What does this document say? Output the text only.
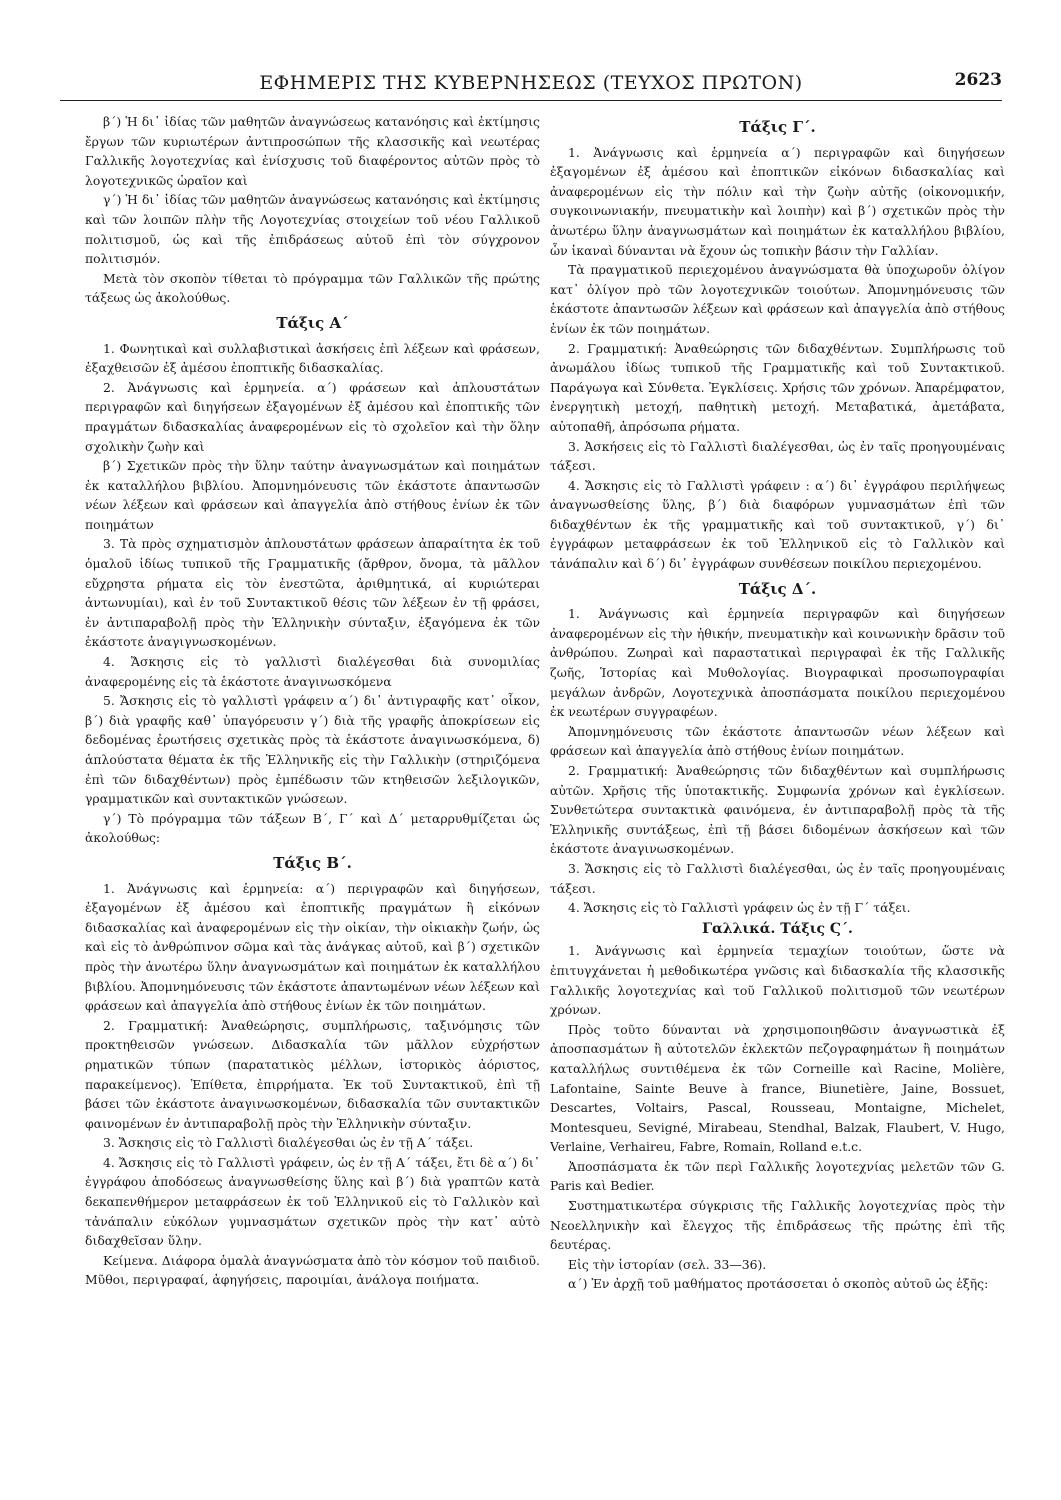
ΕΦΗΜΕΡΙΣ ΤΗΣ ΚΥΒΕΡΝΗΣΕΩΣ (ΤΕΥΧΟΣ ΠΡΩΤΟΝ)	2623

β΄) Ἡ δι᾿ ἰδίας τῶν μαθητῶν ἀναγνώσεως κατανόησις καὶ ἐκτίμησις ἔργων τῶν κυριωτέρων ἀντιπροσώπων τῆς κλασσικῆς καὶ νεωτέρας Γαλλικῆς λογοτεχνίας καὶ ἐνίσχυσις τοῦ διαφέροντος αὐτῶν πρὸς τὸ λογοτεχνικῶς ὡραῖον καὶ

γ΄) Ἡ δι᾿ ἰδίας τῶν μαθητῶν ἀναγνώσεως κατανόησις καὶ ἐκτίμησις καὶ τῶν λοιπῶν πλὴν τῆς Λογοτεχνίας στοιχείων τοῦ νέου Γαλλικοῦ πολιτισμοῦ, ὡς καὶ τῆς ἐπιδράσεως αὐτοῦ ἐπὶ τὸν σύγχρονον πολιτισμόν.

Μετὰ τὸν σκοπὸν τίθεται τὸ πρόγραμμα τῶν Γαλλικῶν τῆς πρώτης τάξεως ὡς ἀκολούθως.

Τάξις Α΄

1. Φωνητικαὶ καὶ συλλαβιστικαὶ ἀσκήσεις ἐπὶ λέξεων καὶ φράσεων, ἐξαχθεισῶν ἐξ ἀμέσου ἐποπτικῆς διδασκαλίας.

2. Ἀνάγνωσις καὶ ἑρμηνεία. α΄) φράσεων καὶ ἁπλουστάτων περιγραφῶν καὶ διηγήσεων ἐξαγομένων ἐξ ἀμέσου καὶ ἐποπτικῆς τῶν πραγμάτων διδασκαλίας ἀναφερομένων εἰς τὸ σχολεῖον καὶ τὴν ὅλην σχολικὴν ζωὴν καὶ

β΄) Σχετικῶν πρὸς τὴν ὕλην ταύτην ἀναγνωσμάτων καὶ ποιημάτων ἐκ καταλλήλου βιβλίου. Ἀπομνημόνευσις τῶν ἑκάστοτε ἀπαντωσῶν νέων λέξεων καὶ φράσεων καὶ ἀπαγγελία ἀπὸ στήθους ἐνίων ἐκ τῶν ποιημάτων

3. Τὰ πρὸς σχηματισμὸν ἁπλουστάτων φράσεων ἀπαραίτητα ἐκ τοῦ ὁμαλοῦ ἰδίως τυπικοῦ τῆς Γραμματικῆς (ἄρθρον, ὄνομα, τὰ μᾶλλον εὔχρηστα ρήματα εἰς τὸν ἐνεστῶτα, ἀριθμητικά, αἱ κυριώτεραι ἀντωνυμίαι), καὶ ἐν τοῦ Συντακτικοῦ θέσις τῶν λέξεων ἐν τῇ φράσει, ἐν ἀντιπαραβολῇ πρὸς τὴν Ἑλληνικὴν σύνταξιν, ἐξαγόμενα ἐκ τῶν ἑκάστοτε ἀναγιγνωσκομένων.

4. Ἄσκησις εἰς τὸ γαλλιστὶ διαλέγεσθαι διὰ συνομιλίας ἀναφερομένης εἰς τὰ ἑκάστοτε ἀναγινωσκόμενα

5. Ἄσκησις εἰς τὸ γαλλιστὶ γράφειν α΄) δι᾿ ἀντιγραφῆς κατ᾿ οἶκον, β΄) διὰ γραφῆς καθ᾿ ὑπαγόρευσιν γ΄) διὰ τῆς γραφῆς ἀποκρίσεων εἰς δεδομένας ἐρωτήσεις σχετικὰς πρὸς τὰ ἑκάστοτε ἀναγινωσκόμενα, δ) ἁπλούστατα θέματα ἐκ τῆς Ἑλληνικῆς εἰς τὴν Γαλλικὴν (στηριζόμενα ἐπὶ τῶν διδαχθέντων) πρὸς ἐμπέδωσιν τῶν κτηθεισῶν λεξιλογικῶν, γραμματικῶν καὶ συντακτικῶν γνώσεων.

γ΄) Τὸ πρόγραμμα τῶν τάξεων Β΄, Γ΄ καὶ Δ΄ μεταρρυθμίζεται ὡς ἀκολούθως:

Τάξις Β΄.

1. Ἀνάγνωσις καὶ ἑρμηνεία: α΄) περιγραφῶν καὶ διηγήσεων, ἐξαγομένων ἐξ ἀμέσου καὶ ἐποπτικῆς πραγμάτων ἢ εἰκόνων διδασκαλίας καὶ ἀναφερομένων εἰς τὴν οἰκίαν, τὴν οἰκιακὴν ζωήν, ὡς καὶ εἰς τὸ ἀνθρώπινον σῶμα καὶ τὰς ἀνάγκας αὐτοῦ, καὶ β΄) σχετικῶν πρὸς τὴν ἀνωτέρω ὕλην ἀναγνωσμάτων καὶ ποιημάτων ἐκ καταλλήλου βιβλίου. Ἀπομνημόνευσις τῶν ἑκάστοτε ἀπαντωμένων νέων λέξεων καὶ φράσεων καὶ ἀπαγγελία ἀπὸ στήθους ἐνίων ἐκ τῶν ποιημάτων.

2. Γραμματική: Ἀναθεώρησις, συμπλήρωσις, ταξινόμησις τῶν προκτηθεισῶν γνώσεων. Διδασκαλία τῶν μᾶλλον εὐχρήστων ρηματικῶν τύπων (παρατατικὸς μέλλων, ἱστορικὸς ἀόριστος, παρακείμενος). Ἐπίθετα, ἐπιρρήματα. Ἐκ τοῦ Συντακτικοῦ, ἐπὶ τῇ βάσει τῶν ἑκάστοτε ἀναγινωσκομένων, διδασκαλία τῶν συντακτικῶν φαινομένων ἐν ἀντιπαραβολῇ πρὸς τὴν Ἑλληνικὴν σύνταξιν.

3. Ἄσκησις εἰς τὸ Γαλλιστὶ διαλέγεσθαι ὡς ἐν τῇ Α΄ τάξει.

4. Ἄσκησις εἰς τὸ Γαλλιστὶ γράφειν, ὡς ἐν τῇ Α΄ τάξει, ἔτι δὲ α΄) δι᾿ ἐγγράφου ἀποδόσεως ἀναγνωσθείσης ὕλης καὶ β΄) διὰ γραπτῶν κατὰ δεκαπενθήμερον μεταφράσεων ἐκ τοῦ Ἑλληνικοῦ εἰς τὸ Γαλλικὸν καὶ τἀνάπαλιν εὐκόλων γυμνασμάτων σχετικῶν πρὸς τὴν κατ᾿ αὐτὸ διδαχθεῖσαν ὕλην.

Κείμενα. Διάφορα ὁμαλὰ ἀναγνώσματα ἀπὸ τὸν κόσμον τοῦ παιδιοῦ. Μῦθοι, περιγραφαί, ἀφηγήσεις, παροιμίαι, ἀνάλογα ποιήματα.

Τάξις Γ΄.

1. Ἀνάγνωσις καὶ ἑρμηνεία α΄) περιγραφῶν καὶ διηγήσεων ἐξαγομένων ἐξ ἀμέσου καὶ ἐποπτικῶν εἰκόνων διδασκαλίας καὶ ἀναφερομένων εἰς τὴν πόλιν καὶ τὴν ζωὴν αὐτῆς (οἰκονομικήν, συγκοινωνιακήν, πνευματικὴν καὶ λοιπὴν) καὶ β΄) σχετικῶν πρὸς τὴν ἀνωτέρω ὕλην ἀναγνωσμάτων καὶ ποιημάτων ἐκ καταλλήλου βιβλίου, ὧν ἱκαναὶ δύνανται νὰ ἔχουν ὡς τοπικὴν βάσιν τὴν Γαλλίαν.

Τὰ πραγματικοῦ περιεχομένου ἀναγνώσματα θὰ ὑποχωροῦν ὀλίγον κατ᾿ ὀλίγον πρὸ τῶν λογοτεχνικῶν τοιούτων. Ἀπομνημόνευσις τῶν ἑκάστοτε ἀπαντωσῶν λέξεων καὶ φράσεων καὶ ἀπαγγελία ἀπὸ στήθους ἐνίων ἐκ τῶν ποιημάτων.

2. Γραμματική: Ἀναθεώρησις τῶν διδαχθέντων. Συμπλήρωσις τοῦ ἀνωμάλου ἰδίως τυπικοῦ τῆς Γραμματικῆς καὶ τοῦ Συντακτικοῦ. Παράγωγα καὶ Σύνθετα. Ἐγκλίσεις. Χρήσις τῶν χρόνων. Ἀπαρέμφατον, ἐνεργητικὴ μετοχή, παθητικὴ μετοχή. Μεταβατικά, ἀμετάβατα, αὐτοπαθῆ, ἀπρόσωπα ρήματα.

3. Ἀσκήσεις εἰς τὸ Γαλλιστὶ διαλέγεσθαι, ὡς ἐν ταῖς προηγουμέναις τάξεσι.

4. Ἄσκησις εἰς τὸ Γαλλιστὶ γράφειν : α΄) δι᾿ ἐγγράφου περιλήψεως ἀναγνωσθείσης ὕλης, β΄) διὰ διαφόρων γυμνασμάτων ἐπὶ τῶν διδαχθέντων ἐκ τῆς γραμματικῆς καὶ τοῦ συντακτικοῦ, γ΄) δι᾿ ἐγγράφων μεταφράσεων ἐκ τοῦ Ἑλληνικοῦ εἰς τὸ Γαλλικὸν καὶ τἀνάπαλιν καὶ δ΄) δι᾿ ἐγγράφων συνθέσεων ποικίλου περιεχομένου.

Τάξις Δ΄.

1. Ἀνάγνωσις καὶ ἑρμηνεία περιγραφῶν καὶ διηγήσεων ἀναφερομένων εἰς τὴν ἠθικήν, πνευματικὴν καὶ κοινωνικὴν δρᾶσιν τοῦ ἀνθρώπου. Ζωηραὶ καὶ παραστατικαὶ περιγραφαὶ ἐκ τῆς Γαλλικῆς ζωῆς, Ἱστορίας καὶ Μυθολογίας. Βιογραφικαὶ προσωπογραφίαι μεγάλων ἀνδρῶν, Λογοτεχνικὰ ἀποσπάσματα ποικίλου περιεχομένου ἐκ νεωτέρων συγγραφέων.

Ἀπομνημόνευσις τῶν ἑκάστοτε ἀπαντωσῶν νέων λέξεων καὶ φράσεων καὶ ἀπαγγελία ἀπὸ στήθους ἐνίων ποιημάτων.

2. Γραμματική: Ἀναθεώρησις τῶν διδαχθέντων καὶ συμπλήρωσις αὐτῶν. Χρῆσις τῆς ὑποτακτικῆς. Συμφωνία χρόνων καὶ ἐγκλίσεων. Συνθετώτερα συντακτικὰ φαινόμενα, ἐν ἀντιπαραβολῇ πρὸς τὰ τῆς Ἑλληνικῆς συντάξεως, ἐπὶ τῇ βάσει διδομένων ἀσκήσεων καὶ τῶν ἑκάστοτε ἀναγινωσκομένων.

3. Ἄσκησις εἰς τὸ Γαλλιστὶ διαλέγεσθαι, ὡς ἐν ταῖς προηγουμέναις τάξεσι.

4. Ἄσκησις εἰς τὸ Γαλλιστὶ γράφειν ὡς ἐν τῇ Γ΄ τάξει.

Γαλλικά. Τάξις Ϛ΄.

1. Ἀνάγνωσις καὶ ἑρμηνεία τεμαχίων τοιούτων, ὥστε νὰ ἐπιτυγχάνεται ἡ μεθοδικωτέρα γνῶσις καὶ διδασκαλία τῆς κλασσικῆς Γαλλικῆς λογοτεχνίας καὶ τοῦ Γαλλικοῦ πολιτισμοῦ τῶν νεωτέρων χρόνων.

Πρὸς τοῦτο δύνανται νὰ χρησιμοποιηθῶσιν ἀναγνωστικὰ ἐξ ἀποσπασμάτων ἢ αὐτοτελῶν ἐκλεκτῶν πεζογραφημάτων ἢ ποιημάτων καταλλήλως συντιθέμενα ἐκ τῶν Corneille καὶ Racine, Molière, Lafontaine, Sainte Beuve à france, Biunetière, Jaine, Bossuet, Descartes, Voltairs, Pascal, Rousseau, Montaigne, Michelet, Montesqueu, Sevigné, Mirabeau, Stendhal, Balzak, Flaubert, V. Hugo, Verlaine, Verhaireu, Fabre, Romain, Rolland e.t.c.

Ἀποσπάσματα ἐκ τῶν περὶ Γαλλικῆς λογοτεχνίας μελετῶν τῶν G. Paris καὶ Bedier.

Συστηματικωτέρα σύγκρισις τῆς Γαλλικῆς λογοτεχνίας πρὸς τὴν Νεοελληνικὴν καὶ ἔλεγχος τῆς ἐπιδράσεως τῆς πρώτης ἐπὶ τῆς δευτέρας.

Εἰς τὴν ἱστορίαν (σελ. 33—36).

α΄) Ἐν ἀρχῇ τοῦ μαθήματος προτάσσεται ὁ σκοπὸς αὐτοῦ ὡς ἑξῆς:
